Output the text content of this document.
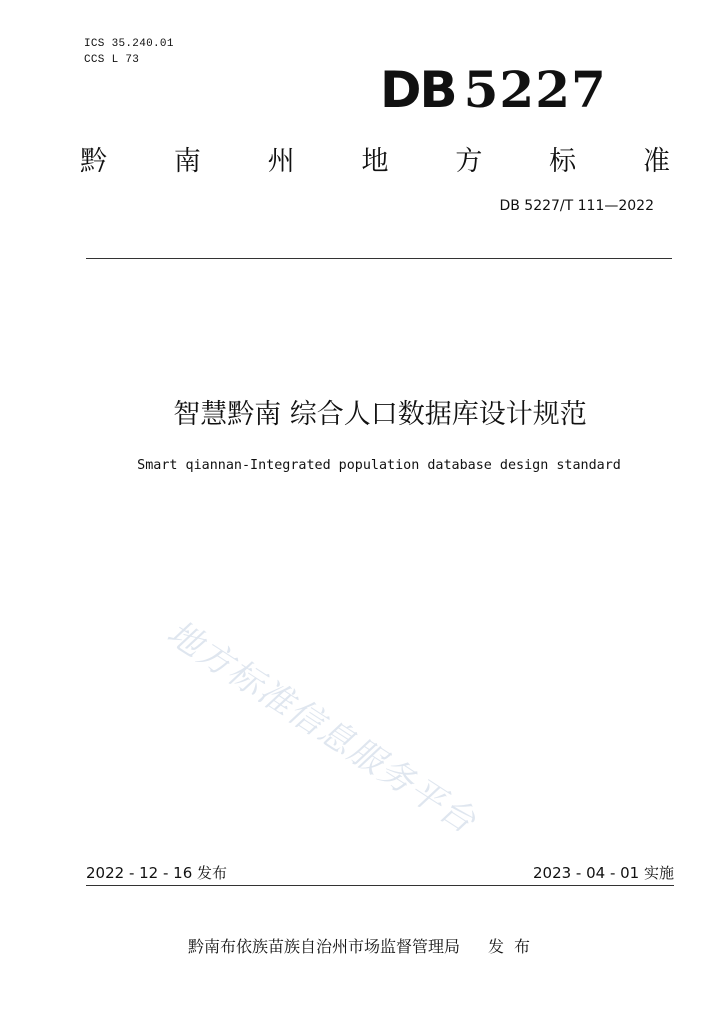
ICS 35.240.01
CCS L 73
DB 5227
黔 南 州 地 方 标 准
DB 5227/T 111—2022
智慧黔南 综合人口数据库设计规范
Smart qiannan-Integrated population database design standard
地方标准信息服务平台
2022 - 12 - 16 发布	2023 - 04 - 01 实施
黔南布依族苗族自治州市场监督管理局 发布
